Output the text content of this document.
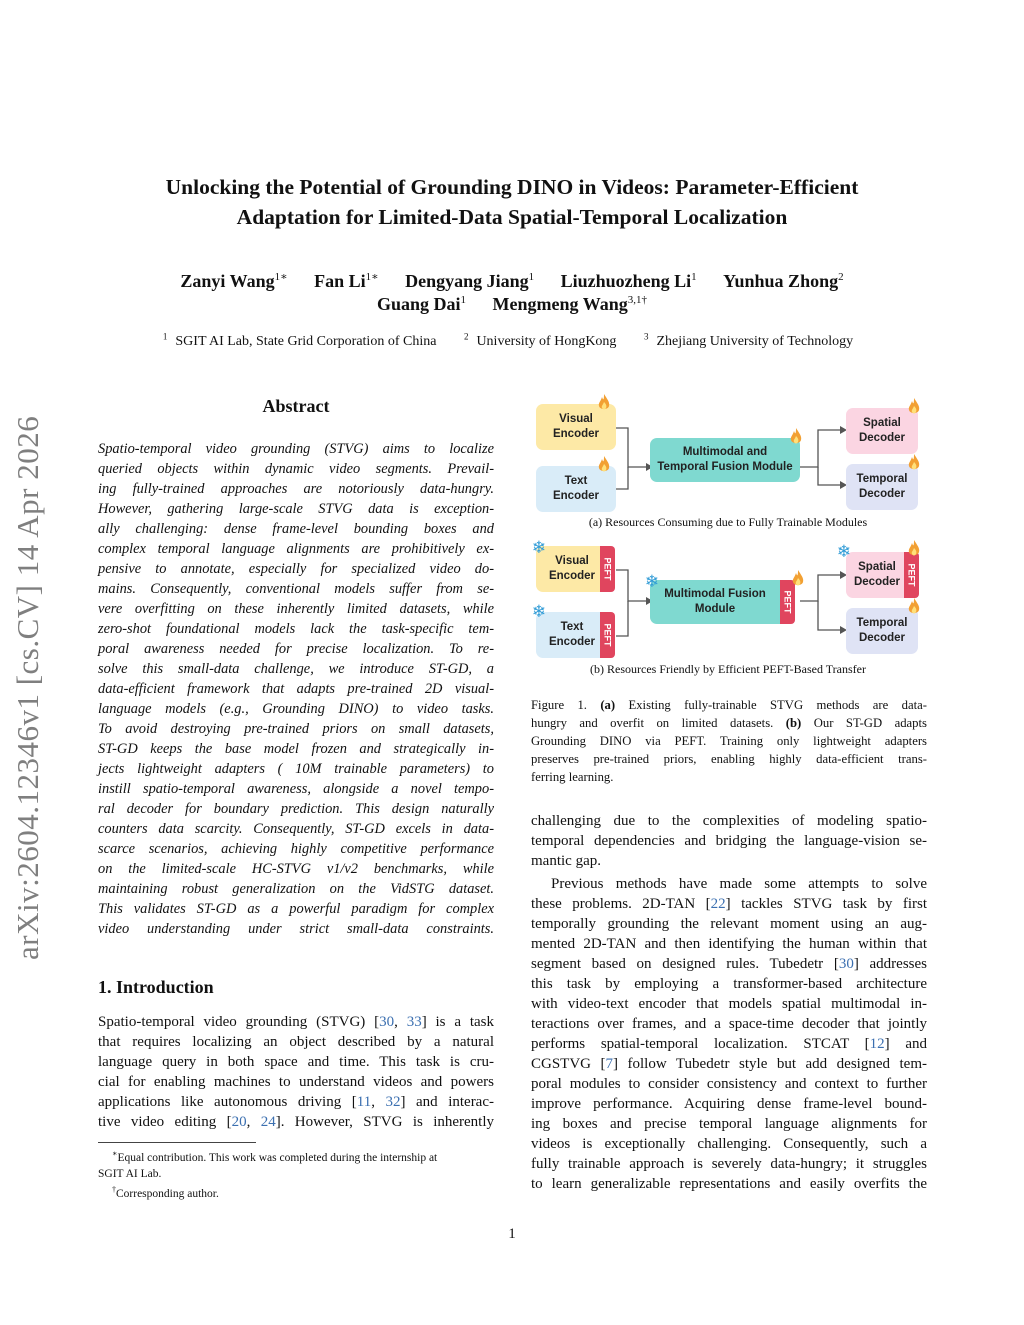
arXiv:2604.12346v1 [cs.CV] 14 Apr 2026
Unlocking the Potential of Grounding DINO in Videos: Parameter-Efficient
Adaptation for Limited-Data Spatial-Temporal Localization
Zanyi Wang$^{1∗}$ Fan $Li^{1∗}$ Dengyang Jiang$^1$ Liuzhuozheng Li$^1$ Yunhua Zhong$^2$
Guang Dai$^1$ Mengmeng Wang$^{3,1\dagger}$
$^1$ SGIT AI Lab, State Grid Corporation of China	$^2$ University of HongKong	$^3$ Zhejiang University of Technology
Abstract
Spatio-temporal video grounding (STVG) aims to localize
queried objects within dynamic video segments. Prevail-
ing fully-trained approaches are notoriously data-hungry.
However, gathering large-scale STVG data is exception-
ally challenging: dense frame-level bounding boxes and
complex temporal language alignments are prohibitively ex-
pensive to annotate, especially for specialized video do-
mains. Consequently, conventional models suffer from se-
vere overfitting on these inherently limited datasets, while
zero-shot foundational models lack the task-specific tem-
poral awareness needed for precise localization. To re-
solve this small-data challenge, we introduce ST-GD, a
data-efficient framework that adapts pre-trained 2D visual-
language models (e.g., Grounding DINO) to video tasks.
To avoid destroying pre-trained priors on small datasets,
ST-GD keeps the base model frozen and strategically in-
jects lightweight adapters ( 10M trainable parameters) to
instill spatio-temporal awareness, alongside a novel tempo-
ral decoder for boundary prediction. This design naturally
counters data scarcity. Consequently, ST-GD excels in data-
scarce scenarios, achieving highly competitive performance
on the limited-scale HC-STVG v1/v2 benchmarks, while
maintaining robust generalization on the VidSTG dataset.
This validates ST-GD as a powerful paradigm for complex
video understanding under strict small-data constraints.
1. Introduction
Spatio-temporal video grounding (STVG) [30, 33] is a task
that requires localizing an object described by a natural
language query in both space and time. This task is cru-
cial for enabling machines to understand videos and powers
applications like autonomous driving [11, 32] and interac-
tive video editing [20, 24]. However, STVG is inherently
∗Equal contribution. This work was completed during the internship at
SGIT AI Lab.
†Corresponding author.
Visual
Encoder
Text
Encoder
Multimodal and
Temporal Fusion Module
Spatial
Decoder
Temporal
Decoder
(a) Resources Consuming due to Fully Trainable Modules
Visual
Encoder PEFT
Text
Encoder PEFT
Multimodal Fusion
Module	PEFT
Spatial
Decoder PEFT
Temporal
Decoder
❄
❄
❄
❄
(b) Resources Friendly by Efficient PEFT-Based Transfer
Figure 1. (a) Existing fully-trainable STVG methods are data-
hungry and overfit on limited datasets. (b) Our ST-GD adapts
Grounding DINO via PEFT. Training only lightweight adapters
preserves pre-trained priors, enabling highly data-efficient trans-
ferring learning.
challenging due to the complexities of modeling spatio-
temporal dependencies and bridging the language-vision se-
mantic gap.
Previous methods have made some attempts to solve
these problems. 2D-TAN [22] tackles STVG task by first
temporally grounding the relevant moment using an aug-
mented 2D-TAN and then identifying the human within that
segment based on designed rules. Tubedetr [30] addresses
this task by employing a transformer-based architecture
with video-text encoder that models spatial multimodal in-
teractions over frames, and a space-time decoder that jointly
performs spatial-temporal localization. STCAT [12] and
CGSTVG [7] follow Tubedetr style but add designed tem-
poral modules to consider consistency and context to further
improve performance. Acquiring dense frame-level bound-
ing boxes and precise temporal language alignments for
videos is exceptionally challenging. Consequently, such a
fully trainable approach is severely data-hungry; it struggles
to learn generalizable representations and easily overfits the
1
